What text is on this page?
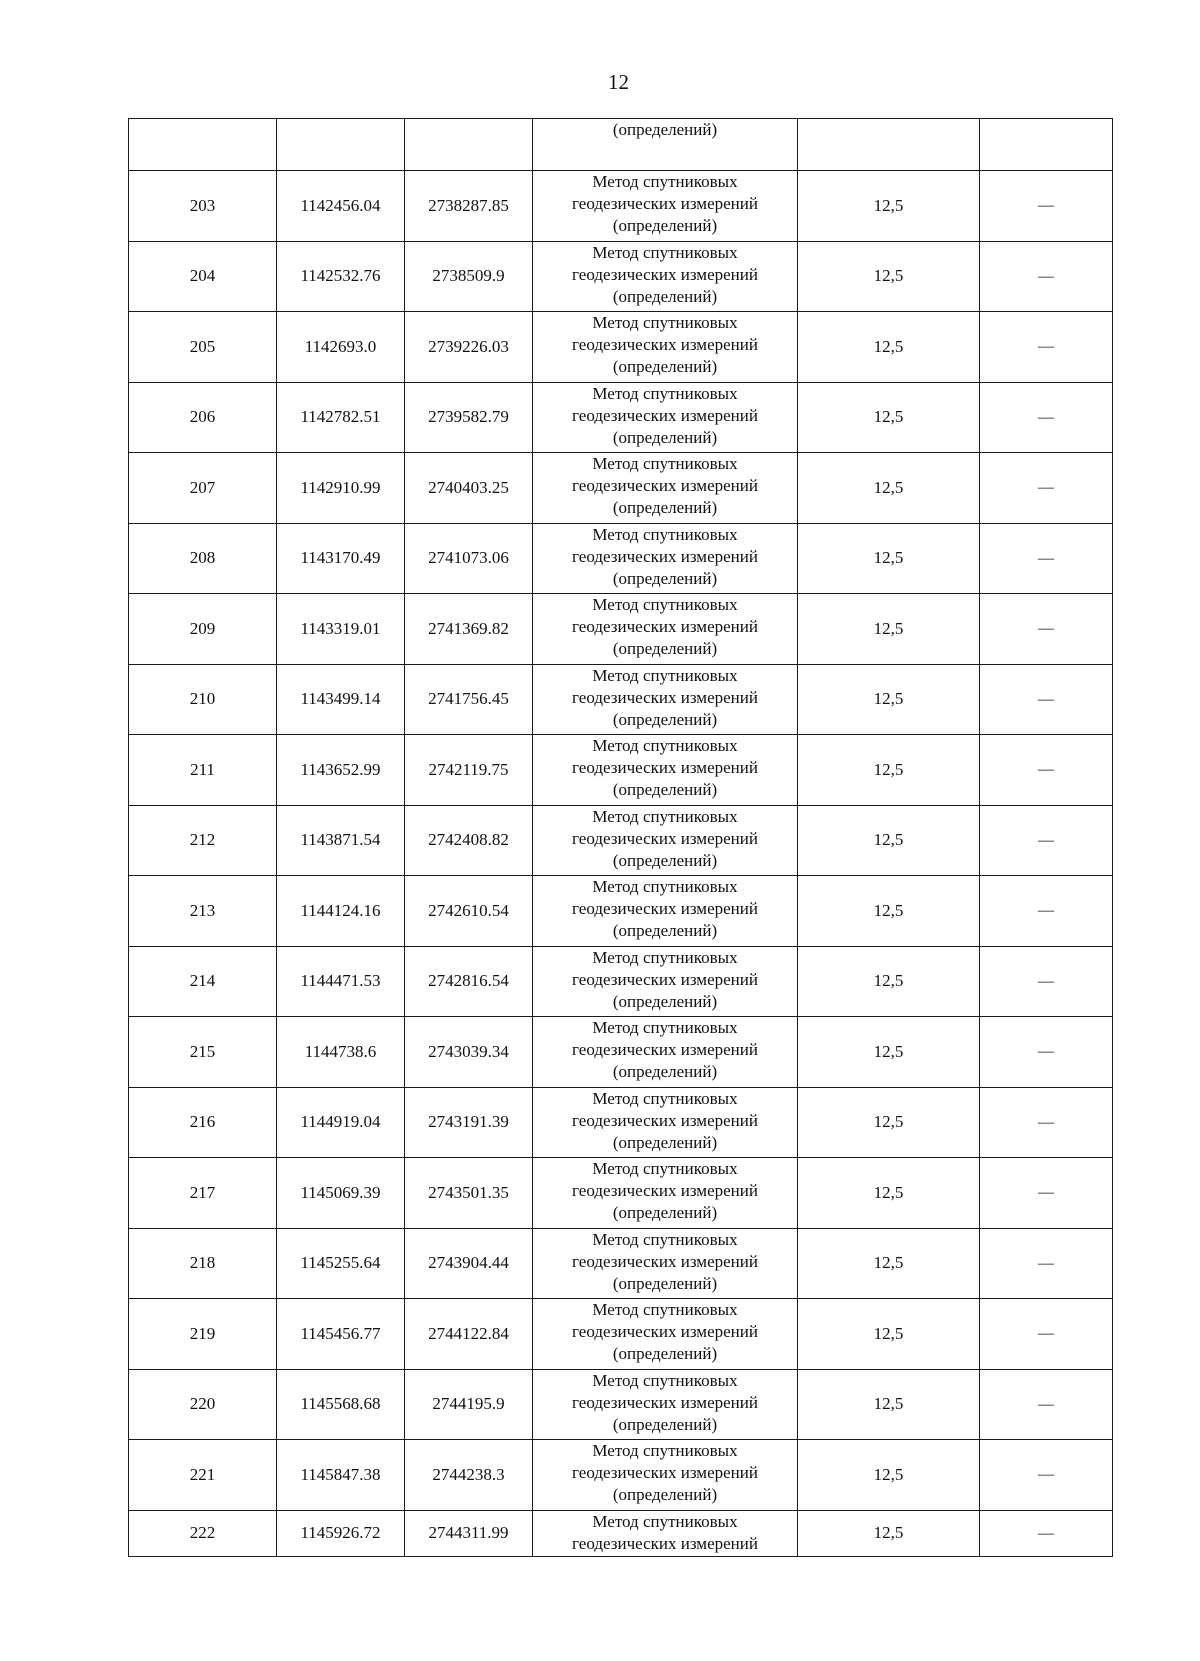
12

			(определений)		

203	1142456.04	2738287.85	Метод спутниковых
геодезических измерений
(определений)	12,5	—
204	1142532.76	2738509.9	Метод спутниковых
геодезических измерений
(определений)	12,5	—
205	1142693.0	2739226.03	Метод спутниковых
геодезических измерений
(определений)	12,5	—
206	1142782.51	2739582.79	Метод спутниковых
геодезических измерений
(определений)	12,5	—
207	1142910.99	2740403.25	Метод спутниковых
геодезических измерений
(определений)	12,5	—
208	1143170.49	2741073.06	Метод спутниковых
геодезических измерений
(определений)	12,5	—
209	1143319.01	2741369.82	Метод спутниковых
геодезических измерений
(определений)	12,5	—
210	1143499.14	2741756.45	Метод спутниковых
геодезических измерений
(определений)	12,5	—
211	1143652.99	2742119.75	Метод спутниковых
геодезических измерений
(определений)	12,5	—
212	1143871.54	2742408.82	Метод спутниковых
геодезических измерений
(определений)	12,5	—
213	1144124.16	2742610.54	Метод спутниковых
геодезических измерений
(определений)	12,5	—
214	1144471.53	2742816.54	Метод спутниковых
геодезических измерений
(определений)	12,5	—
215	1144738.6	2743039.34	Метод спутниковых
геодезических измерений
(определений)	12,5	—
216	1144919.04	2743191.39	Метод спутниковых
геодезических измерений
(определений)	12,5	—
217	1145069.39	2743501.35	Метод спутниковых
геодезических измерений
(определений)	12,5	—
218	1145255.64	2743904.44	Метод спутниковых
геодезических измерений
(определений)	12,5	—
219	1145456.77	2744122.84	Метод спутниковых
геодезических измерений
(определений)	12,5	—
220	1145568.68	2744195.9	Метод спутниковых
геодезических измерений
(определений)	12,5	—
221	1145847.38	2744238.3	Метод спутниковых
геодезических измерений
(определений)	12,5	—
222	1145926.72	2744311.99	Метод спутниковых
геодезических измерений	12,5	—
